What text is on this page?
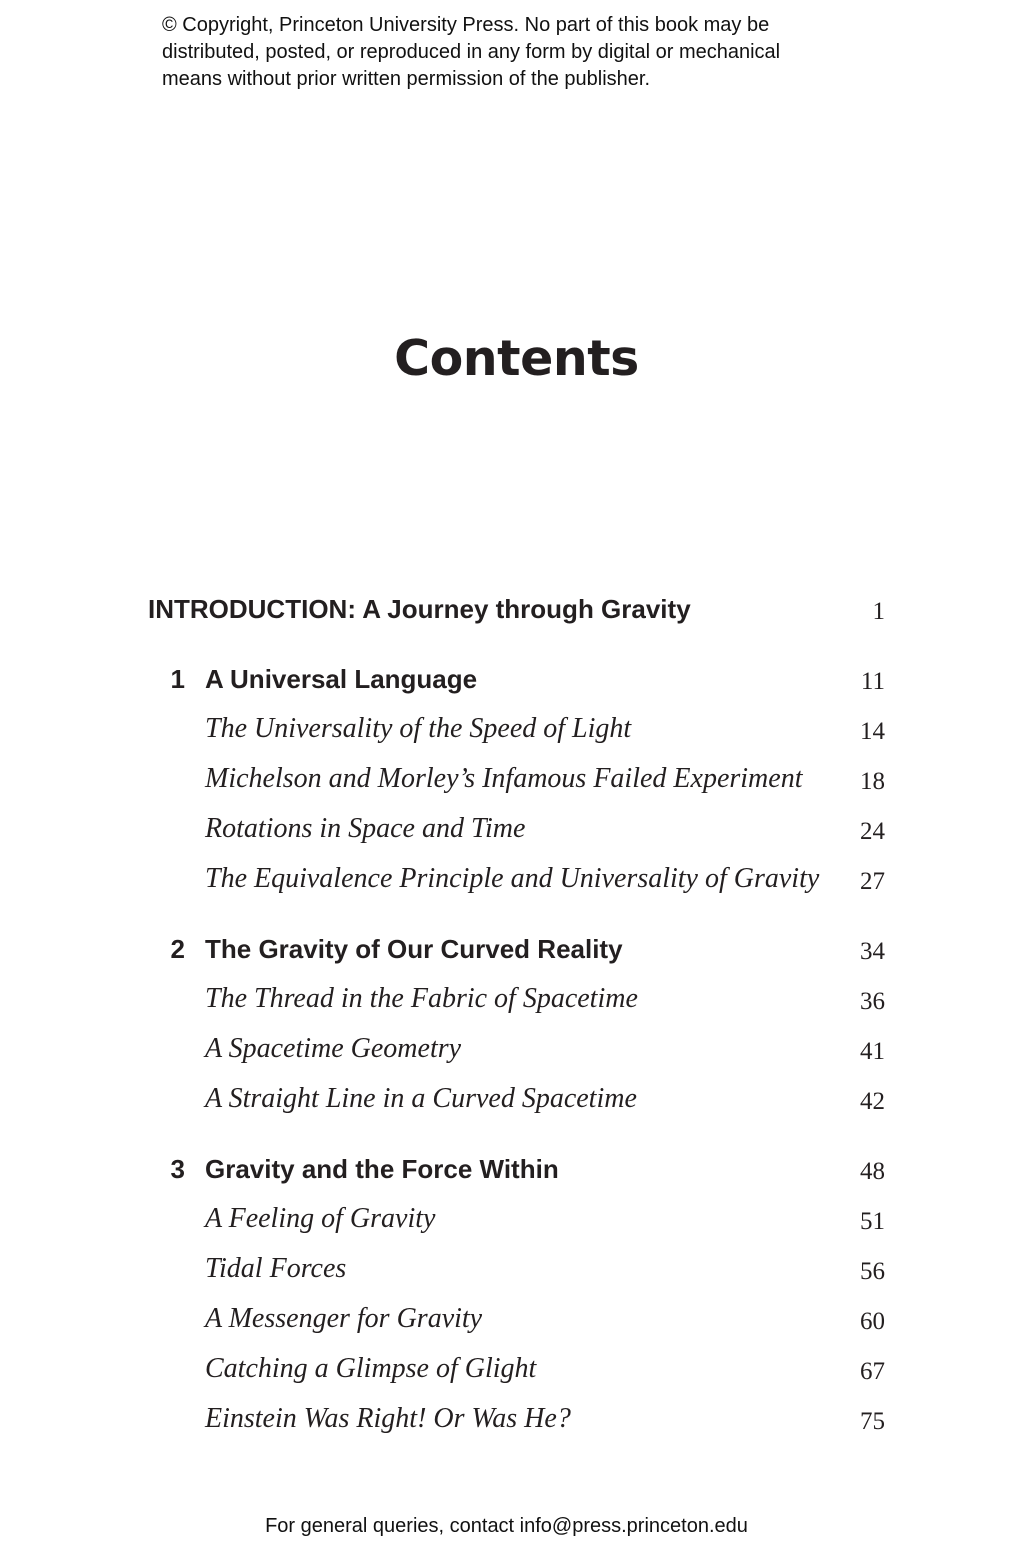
© Copyright, Princeton University Press. No part of this book may be
distributed, posted, or reproduced in any form by digital or mechanical
means without prior written permission of the publisher.
Contents
INTRODUCTION: A Journey through Gravity	1
1 A Universal Language	11
The Universality of the Speed of Light	14
Michelson and Morley’s Infamous Failed Experiment 18
Rotations in Space and Time	24
The Equivalence Principle and Universality of Gravity 27
2 The Gravity of Our Curved Reality	34
The Thread in the Fabric of Spacetime	36
A Spacetime Geometry	41
A Straight Line in a Curved Spacetime	42
3 Gravity and the Force Within	48
A Feeling of Gravity	51
Tidal Forces	56
A Messenger for Gravity	60
Catching a Glimpse of Glight	67
Einstein Was Right! Or Was He?	75
For general queries, contact info@press.princeton.edu
